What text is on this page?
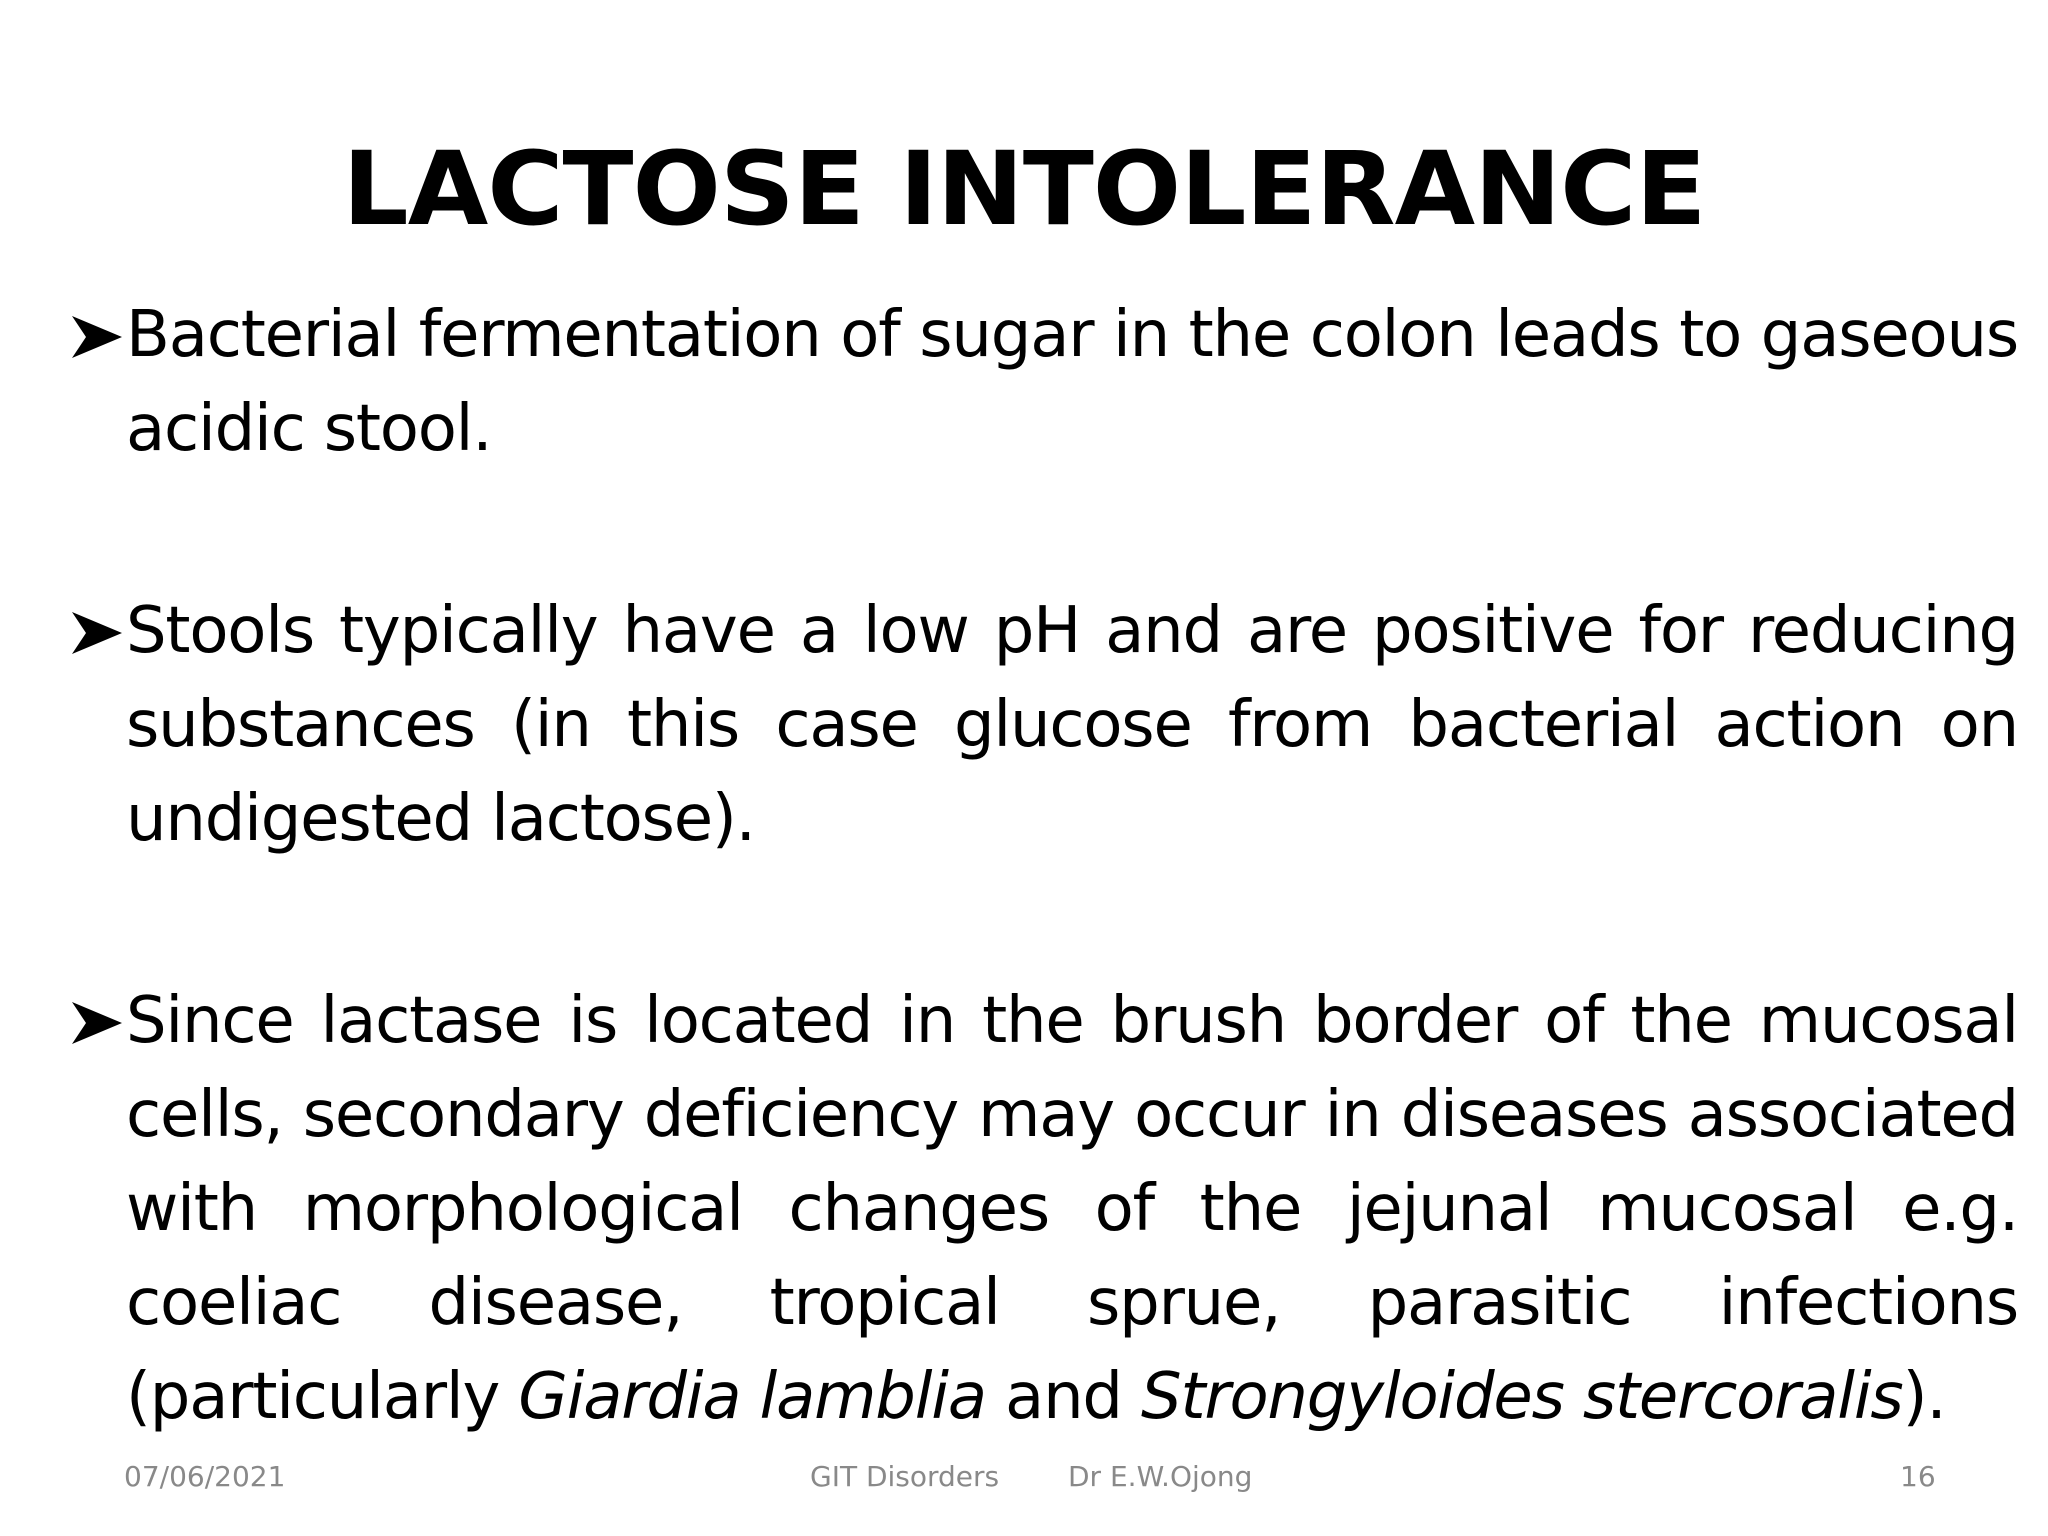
LACTOSE INTOLERANCE
Bacterial fermentation of sugar in the colon leads to gaseous acidic stool.
Stools typically have a low pH and are positive for reducing substances (in this case glucose from bacterial action on undigested lactose).
Since lactase is located in the brush border of the mucosal cells, secondary deficiency may occur in diseases associated with morphological changes of the jejunal mucosal e.g. coeliac disease, tropical sprue, parasitic infections (particularly Giardia lamblia and Strongyloides stercoralis).
07/06/2021	GIT Disorders Dr E.W.Ojong	16
